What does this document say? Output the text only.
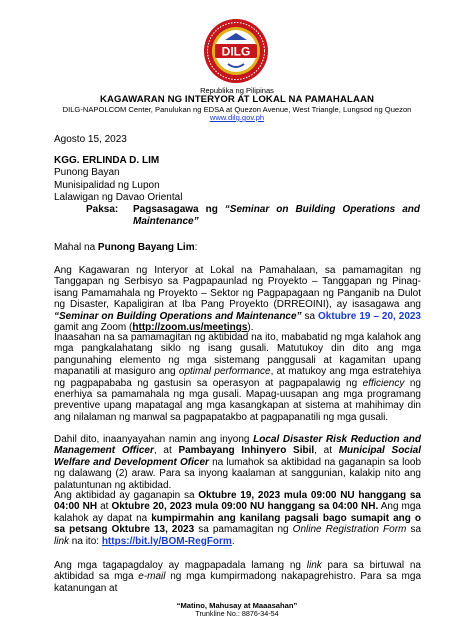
DILG
Republika ng Pilipinas
KAGAWARAN NG INTERYOR AT LOKAL NA PAMAHALAAN
DILG-NAPOLCOM Center, Panulukan ng EDSA at Quezon Avenue, West Triangle, Lungsod ng Quezon
www.dilg.gov.ph
Agosto 15, 2023
KGG. ERLINDA D. LIM
Punong Bayan
Munisipalidad ng Lupon
Lalawigan ng Davao Oriental
Paksa: Pagsasagawa ng “Seminar on Building Operations and Maintenance”
Mahal na Punong Bayang Lim:
Ang Kagawaran ng Interyor at Lokal na Pamahalaan, sa pamamagitan ng Tanggapan ng Serbisyo sa Pagpapaunlad ng Proyekto – Tanggapan ng Pinag-isang Pamamahala ng Proyekto – Sektor ng Pagpapagaan ng Panganib na Dulot ng Disaster, Kapaligiran at Iba Pang Proyekto (DRREOINI), ay isasagawa ang “Seminar on Building Operations and Maintenance” sa Oktubre 19 – 20, 2023 gamit ang Zoom (http://zoom.us/meetings).
Inaasahan na sa pamamagitan ng aktibidad na ito, mababatid ng mga kalahok ang mga pangkalahatang siklo ng isang gusali. Matutukoy din dito ang mga pangunahing elemento ng mga sistemang panggusali at kagamitan upang mapanatili at masiguro ang optimal performance, at matukoy ang mga estratehiya ng pagpapababa ng gastusin sa operasyon at pagpapalawig ng efficiency ng enerhiya sa pamamahala ng mga gusali. Mapag-uusapan ang mga programang preventive upang mapatagal ang mga kasangkapan at sistema at mahihimay din ang nilalaman ng manwal sa pagpapatakbo at pagpapanatili ng mga gusali.
Dahil dito, inaanyayahan namin ang inyong Local Disaster Risk Reduction and Management Officer, at Pambayang Inhinyero Sibil, at Municipal Social Welfare and Development Oficer na lumahok sa aktibidad na gaganapin sa loob ng dalawang (2) araw. Para sa inyong kaalaman at sanggunian, kalakip nito ang palatuntunan ng aktibidad.
Ang aktibidad ay gaganapin sa Oktubre 19, 2023 mula 09:00 NU hanggang sa 04:00 NH at Oktubre 20, 2023 mula 09:00 NU hanggang sa 04:00 NH. Ang mga kalahok ay dapat na kumpirmahin ang kanilang pagsali bago sumapit ang o sa petsang Oktubre 13, 2023 sa pamamagitan ng Online Registration Form sa link na ito: https://bit.ly/BOM-RegForm.
Ang mga tagapagdaloy ay magpapadala lamang ng link para sa birtuwal na aktibidad sa mga e-mail ng mga kumpirmadong nakapagrehistro. Para sa mga katanungan at
“Matino, Mahusay at Maaasahan”
Trunkline No.: 8876-34-54
